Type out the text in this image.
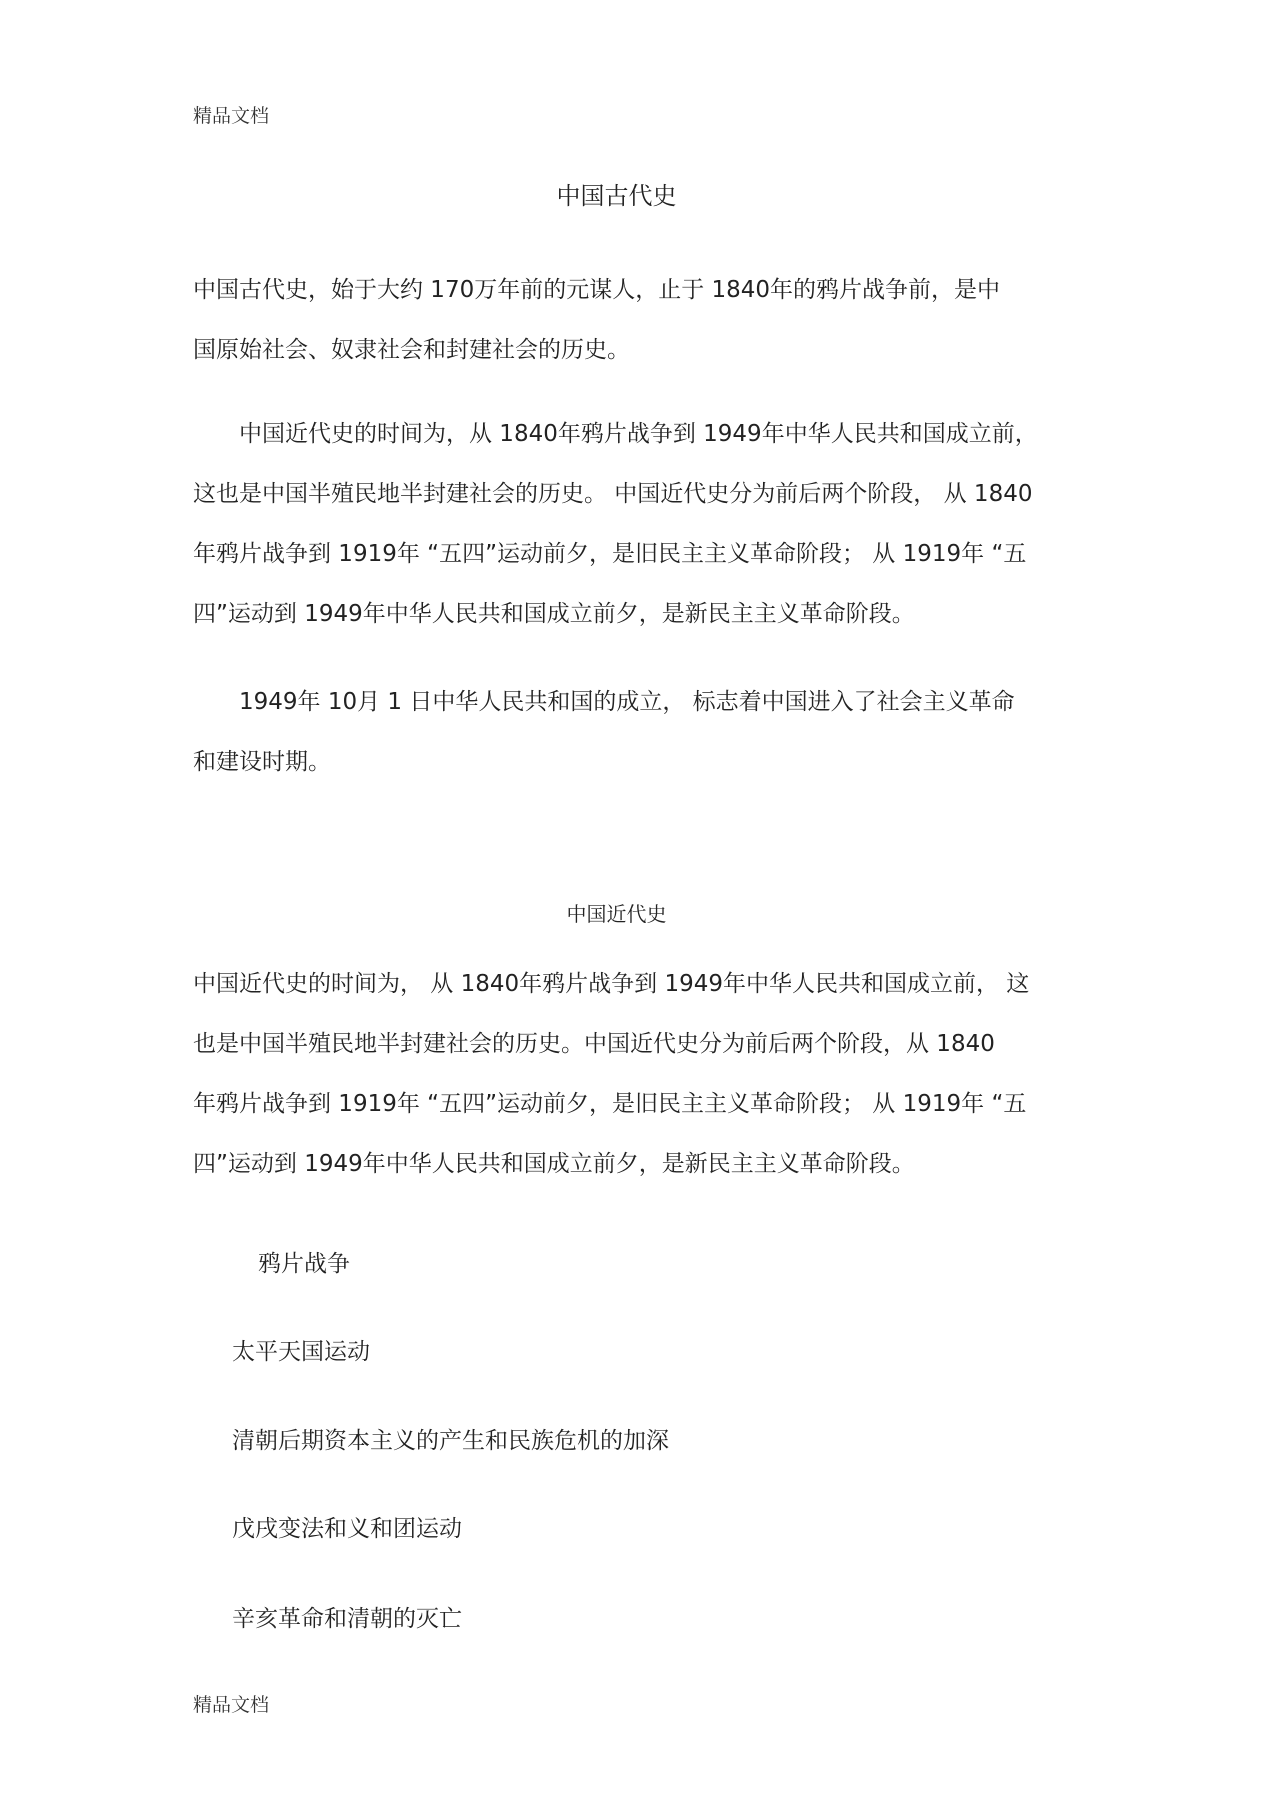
精品文档
中国古代史

中国古代史，始于大约 170万年前的元谋人，止于 1840年的鸦片战争前，是中
国原始社会、奴隶社会和封建社会的历史。

　　中国近代史的时间为，从 1840年鸦片战争到 1949年中华人民共和国成立前，
这也是中国半殖民地半封建社会的历史。 中国近代史分为前后两个阶段， 从 1840
年鸦片战争到 1919年 “五四”运动前夕，是旧民主主义革命阶段； 从 1919年 “五
四”运动到 1949年中华人民共和国成立前夕，是新民主主义革命阶段。

　　1949年 10月 1 日中华人民共和国的成立， 标志着中国进入了社会主义革命
和建设时期。

中国近代史

中国近代史的时间为， 从 1840年鸦片战争到 1949年中华人民共和国成立前， 这
也是中国半殖民地半封建社会的历史。中国近代史分为前后两个阶段，从 1840
年鸦片战争到 1919年 “五四”运动前夕，是旧民主主义革命阶段； 从 1919年 “五
四”运动到 1949年中华人民共和国成立前夕，是新民主主义革命阶段。

鸦片战争
太平天国运动
清朝后期资本主义的产生和民族危机的加深
戊戌变法和义和团运动
辛亥革命和清朝的灭亡
精品文档
